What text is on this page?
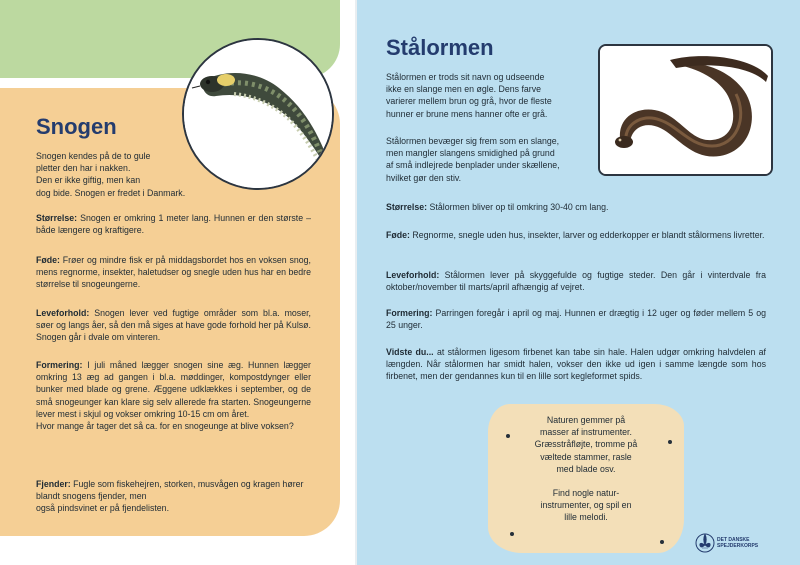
Snogen
Snogen kendes på de to gule
pletter den har i nakken.
Den er ikke giftig, men kan
dog bide. Snogen er fredet i Danmark.
Størrelse: Snogen er omkring 1 meter lang. Hunnen er den største – både længere og kraftigere.
Føde: Frøer og mindre fisk er på middagsbordet hos en voksen snog, mens regnorme, insekter, haletudser og snegle uden hus har en bedre størrelse til snogeungerne.
Leveforhold: Snogen lever ved fugtige områder som bl.a. moser, søer og langs åer, så den må siges at have gode forhold her på Kulsø. Snogen går i dvale om vinteren.
Formering: I juli måned lægger snogen sine æg. Hunnen lægger omkring 13 æg ad gangen i bl.a. møddinger, kompostdynger eller bunker med blade og grene. Æggene udklækkes i september, og de små snogeunger kan klare sig selv allerede fra starten. Snogeungerne lever mest i skjul og vokser omkring 10-15 cm om året.
Hvor mange år tager det så ca. for en snogeunge at blive voksen?
Fjender: Fugle som fiskehejren, storken, musvågen og kragen hører blandt snogens fjender, men
også pindsvinet er på fjendelisten.
Stålormen
Stålormen er trods sit navn og udseende
ikke en slange men en øgle. Dens farve
varierer mellem brun og grå, hvor de fleste
hunner er brune mens hanner ofte er grå.
Stålormen bevæger sig frem som en slange,
men mangler slangens smidighed på grund
af små indlejrede benplader under skællene,
hvilket gør den stiv.
Størrelse: Stålormen bliver op til omkring 30-40 cm lang.
Føde: Regnorme, snegle uden hus, insekter, larver og edderkopper er blandt stålormens livretter.
Leveforhold: Stålormen lever på skyggefulde og fugtige steder. Den går i vinterdvale fra oktober/november til marts/april afhængig af vejret.
Formering: Parringen foregår i april og maj. Hunnen er drægtig i 12 uger og føder mellem 5 og 25 unger.
Vidste du... at stålormen ligesom firbenet kan tabe sin hale. Halen udgør omkring halvdelen af længden. Når stålormen har smidt halen, vokser den ikke ud igen i samme længde som hos firbenet, men der gendannes kun til en lille sort kegleformet spids.
Naturen gemmer på
masser af instrumenter.
Græsstråfløjte, tromme på
væltede stammer, rasle
med blade osv.
Find nogle natur-
instrumenter, og spil en
lille melodi.
DET DANSKE
SPEJDERKORPS
